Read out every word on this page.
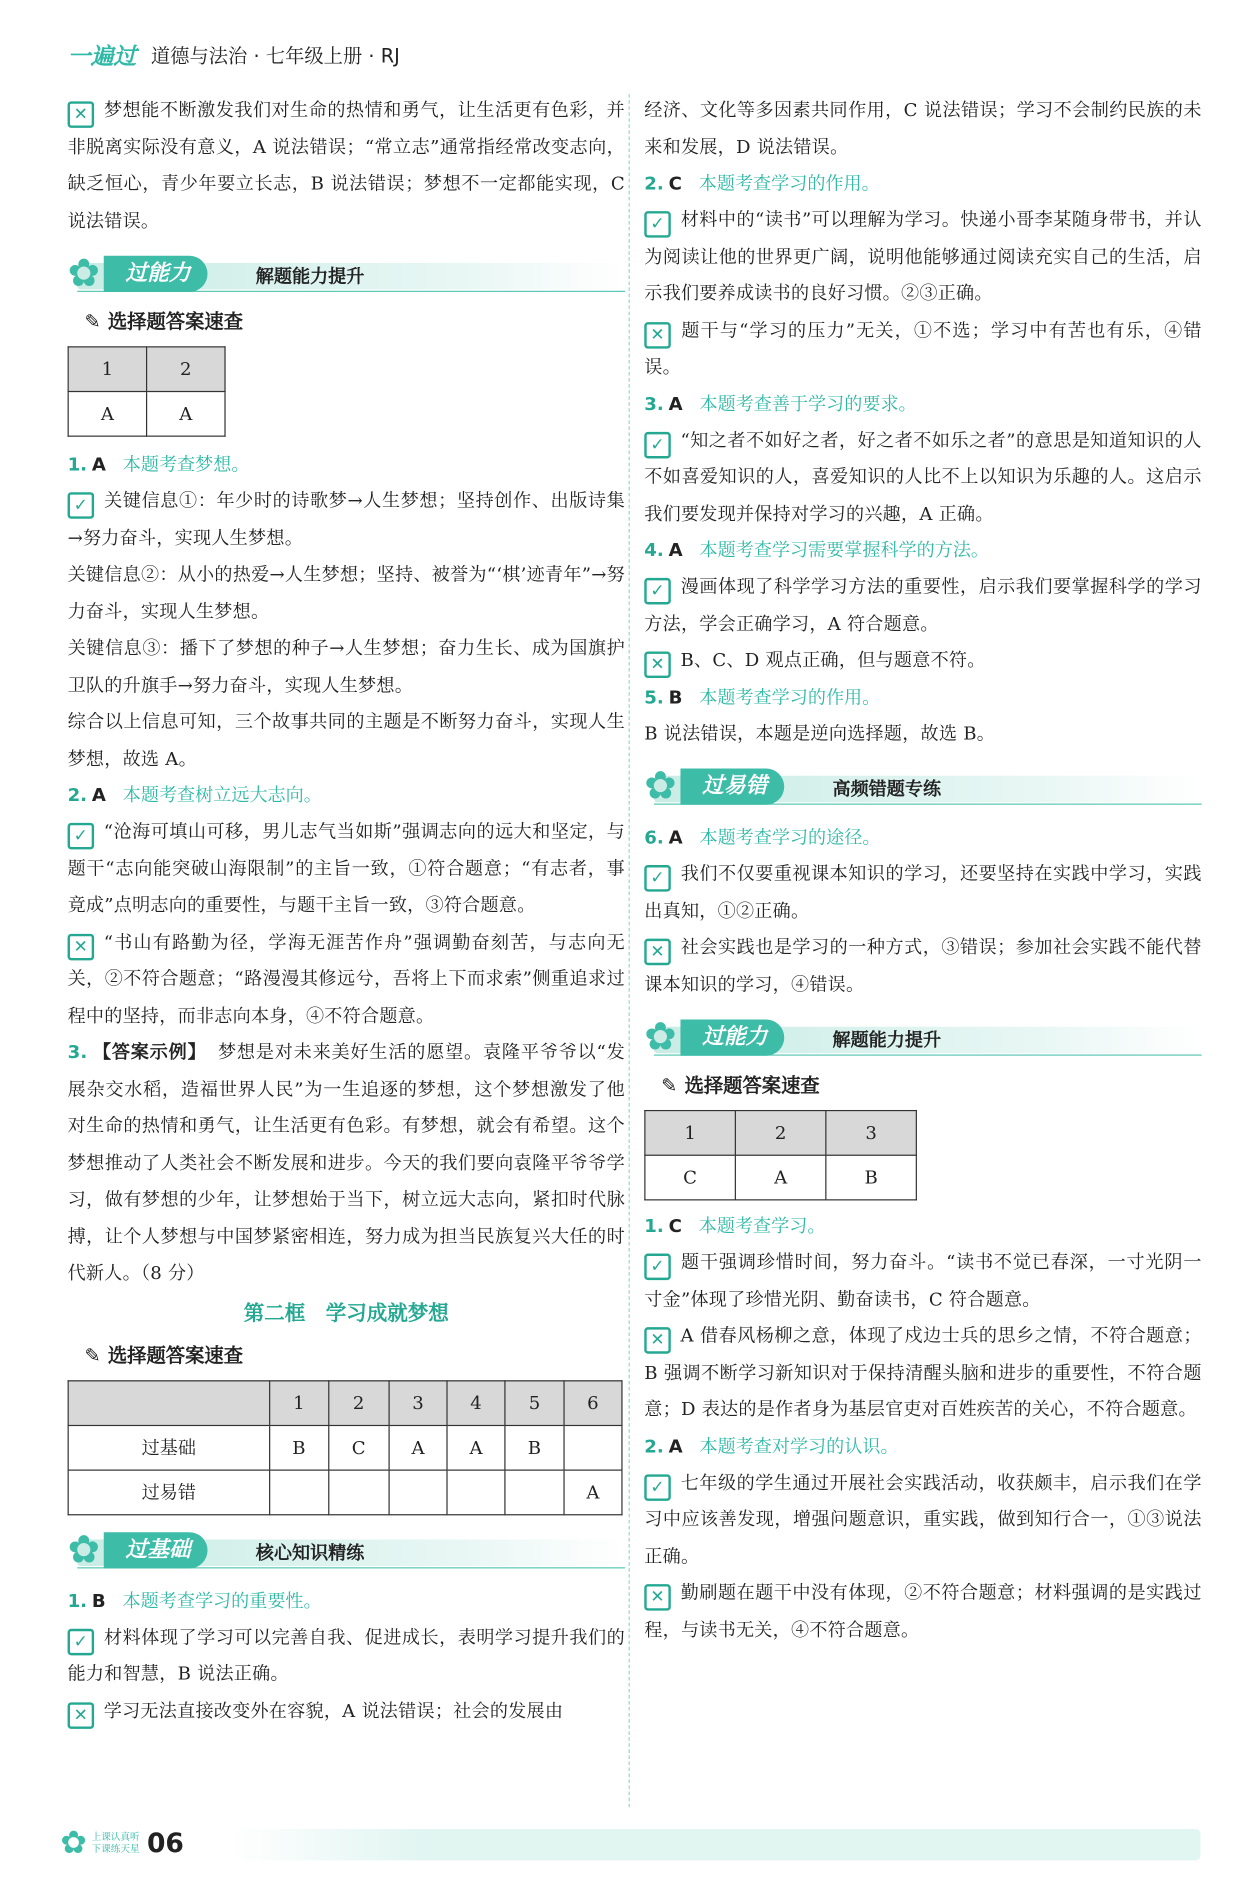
一遍过 道德与法治 · 七年级上册 · RJ

✕ 梦想能不断激发我们对生命的热情和勇气，让生活更有色彩，并非脱离实际没有意义，A 说法错误；“常立志”通常指经常改变志向，缺乏恒心，青少年要立长志，B 说法错误；梦想不一定都能实现，C 说法错误。

✿	过能力	解题能力提升
✎ 选择题答案速查
1	2
A	A

1. A 本题考查梦想。

✓ 关键信息①：年少时的诗歌梦→人生梦想；坚持创作、出版诗集→努力奋斗，实现人生梦想。

关键信息②：从小的热爱→人生梦想；坚持、被誉为“‘棋’迹青年”→努力奋斗，实现人生梦想。

关键信息③：播下了梦想的种子→人生梦想；奋力生长、成为国旗护卫队的升旗手→努力奋斗，实现人生梦想。

综合以上信息可知，三个故事共同的主题是不断努力奋斗，实现人生梦想，故选 A。

2. A 本题考查树立远大志向。

✓ “沧海可填山可移，男儿志气当如斯”强调志向的远大和坚定，与题干“志向能突破山海限制”的主旨一致，①符合题意；“有志者，事竟成”点明志向的重要性，与题干主旨一致，③符合题意。

✕ “书山有路勤为径，学海无涯苦作舟”强调勤奋刻苦，与志向无关，②不符合题意；“路漫漫其修远兮，吾将上下而求索”侧重追求过程中的坚持，而非志向本身，④不符合题意。

3. 【答案示例】 梦想是对未来美好生活的愿望。袁隆平爷爷以“发展杂交水稻，造福世界人民”为一生追逐的梦想，这个梦想激发了他对生命的热情和勇气，让生活更有色彩。有梦想，就会有希望。这个梦想推动了人类社会不断发展和进步。今天的我们要向袁隆平爷爷学习，做有梦想的少年，让梦想始于当下，树立远大志向，紧扣时代脉搏，让个人梦想与中国梦紧密相连，努力成为担当民族复兴大任的时代新人。（8 分）

第二框　学习成就梦想
✎ 选择题答案速查
	1	2	3	4	5	6
过基础	B	C	A	A	B	
过易错						A
✿	过基础	核心知识精练

1. B 本题考查学习的重要性。

✓ 材料体现了学习可以完善自我、促进成长，表明学习提升我们的能力和智慧，B 说法正确。

✕ 学习无法直接改变外在容貌，A 说法错误；社会的发展由

经济、文化等多因素共同作用，C 说法错误；学习不会制约民族的未来和发展，D 说法错误。

2. C 本题考查学习的作用。

✓ 材料中的“读书”可以理解为学习。快递小哥李某随身带书，并认为阅读让他的世界更广阔，说明他能够通过阅读充实自己的生活，启示我们要养成读书的良好习惯。②③正确。

✕ 题干与“学习的压力”无关，①不选；学习中有苦也有乐，④错误。

3. A 本题考查善于学习的要求。

✓ “知之者不如好之者，好之者不如乐之者”的意思是知道知识的人不如喜爱知识的人，喜爱知识的人比不上以知识为乐趣的人。这启示我们要发现并保持对学习的兴趣，A 正确。

4. A 本题考查学习需要掌握科学的方法。

✓ 漫画体现了科学学习方法的重要性，启示我们要掌握科学的学习方法，学会正确学习，A 符合题意。

✕ B、C、D 观点正确，但与题意不符。

5. B 本题考查学习的作用。

B 说法错误，本题是逆向选择题，故选 B。

✿	过易错	高频错题专练

6. A 本题考查学习的途径。

✓ 我们不仅要重视课本知识的学习，还要坚持在实践中学习，实践出真知，①②正确。

✕ 社会实践也是学习的一种方式，③错误；参加社会实践不能代替课本知识的学习，④错误。

✿	过能力	解题能力提升
✎ 选择题答案速查
1	2	3
C	A	B

1. C 本题考查学习。

✓ 题干强调珍惜时间，努力奋斗。“读书不觉已春深，一寸光阴一寸金”体现了珍惜光阴、勤奋读书，C 符合题意。

✕ A 借春风杨柳之意，体现了戍边士兵的思乡之情，不符合题意；B 强调不断学习新知识对于保持清醒头脑和进步的重要性，不符合题意；D 表达的是作者身为基层官吏对百姓疾苦的关心，不符合题意。

2. A 本题考查对学习的认识。

✓ 七年级的学生通过开展社会实践活动，收获颇丰，启示我们在学习中应该善发现，增强问题意识，重实践，做到知行合一，①③说法正确。

✕ 勤刷题在题干中没有体现，②不符合题意；材料强调的是实践过程，与读书无关，④不符合题意。

✿ 上课认真听
下课练天星 06
